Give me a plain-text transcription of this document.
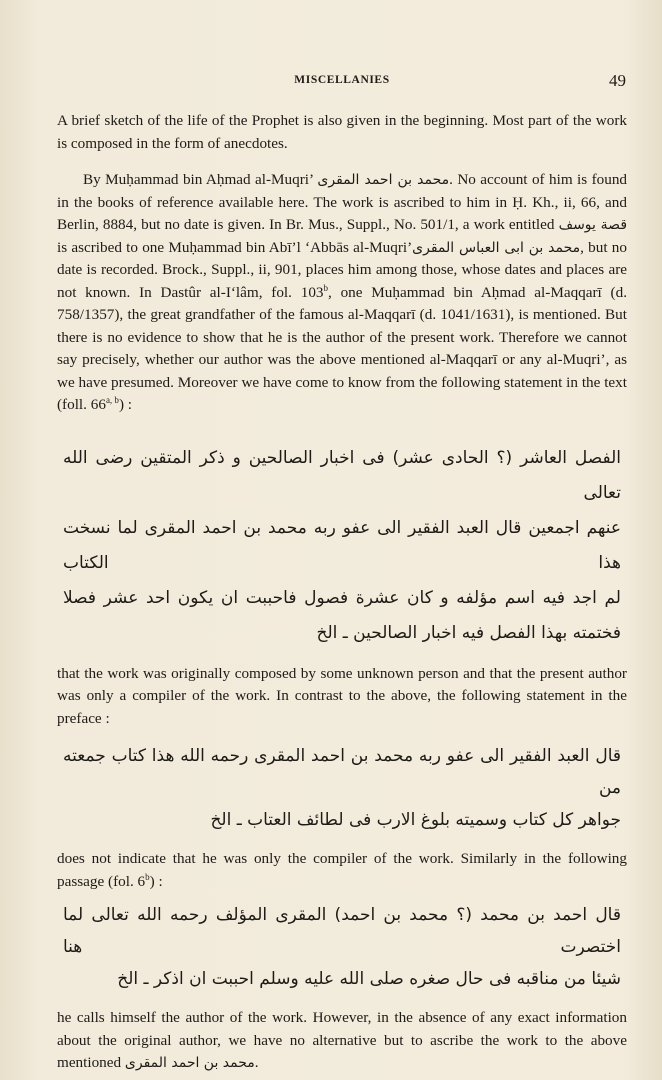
MISCELLANIES	49

A brief sketch of the life of the Prophet is also given in the beginning. Most part of the work is composed in the form of anecdotes.

By Muḥammad bin Aḥmad al-Muqri’ محمد بن احمد المقری. No account of him is found in the books of reference available here. The work is ascribed to him in Ḥ. Kh., ii, 66, and Berlin, 8884, but no date is given. In Br. Mus., Suppl., No. 501/1, a work entitled قصة یوسف is ascribed to one Muḥammad bin Abī’l ‘Abbās al-Muqri’محمد بن ابی العباس المقری, but no date is recorded. Brock., Suppl., ii, 901, places him among those, whose dates and places are not known. In Dastûr al-I‘lâm, fol. 103$^b$, one Muḥammad bin Aḥmad al-Maqqarī (d. 758/1357), the great grandfather of the famous al-Maqqarī (d. 1041/1631), is mentioned. But there is no evidence to show that he is the author of the present work. Therefore we cannot say precisely, whether our author was the above mentioned al-Maqqarī or any al-Muqri’, as we have presumed. Moreover we have come to know from the following statement in the text (foll. 66$^{a, b}$) :

الفصل العاشر (؟ الحادی عشر) فی اخبار الصالحین و ذکر المتقین رضی الله تعالی
عنهم اجمعین قال العبد الفقیر الی عفو ربه محمد بن احمد المقری لما نسخت هذا الکتاب
لم اجد فیه اسم مؤلفه و کان عشرة فصول فاحببت ان یکون احد عشر فصلا
فختمته بهذا الفصل فیه اخبار الصالحین ـ الخ

that the work was originally composed by some unknown person and that the present author was only a compiler of the work. In contrast to the above, the following statement in the preface :

قال العبد الفقیر الی عفو ربه محمد بن احمد المقری رحمه الله هذا کتاب جمعته من
جواهر کل کتاب وسمیته بلوغ الارب فی لطائف العتاب ـ الخ

does not indicate that he was only the compiler of the work. Similarly in the following passage (fol. 6$^b$) :

قال احمد بن محمد (؟ محمد بن احمد) المقری المؤلف رحمه الله تعالی لما اختصرت هنا
شیئا من مناقبه فی حال صغره صلی الله علیه وسلم احببت ان اذکر ـ الخ

he calls himself the author of the work. However, in the absence of any exact information about the original author, we have no alternative but to ascribe the work to the above mentioned محمد بن احمد المقری.
